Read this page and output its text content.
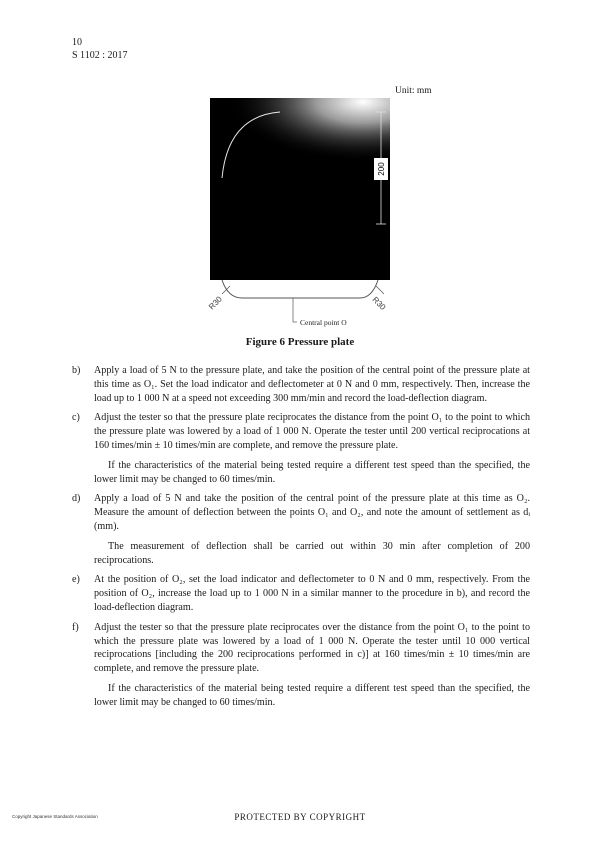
10
S 1102 : 2017
Unit: mm
200
R30	R30
Central point O
Figure 6 Pressure plate
b)	Apply a load of 5 N to the pressure plate, and take the position of the central point of the pressure plate at this time as O₁. Set the load indicator and deflectometer at 0 N and 0 mm, respectively. Then, increase the load up to 1 000 N at a speed not exceeding 300 mm/min and record the load-deflection diagram.
c)	Adjust the tester so that the pressure plate reciprocates the distance from the point O₁ to the point to which the pressure plate was lowered by a load of 1 000 N. Operate the tester until 200 vertical reciprocations at 160 times/min ± 10 times/min are complete, and remove the pressure plate.
If the characteristics of the material being tested require a different test speed than the specified, the lower limit may be changed to 60 times/min.
d)	Apply a load of 5 N and take the position of the central point of the pressure plate at this time as O₂. Measure the amount of deflection between the points O₁ and O₂, and note the amount of settlement as dᵢ (mm).
The measurement of deflection shall be carried out within 30 min after completion of 200 reciprocations.
e)	At the position of O₂, set the load indicator and deflectometer to 0 N and 0 mm, respectively. From the position of O₂, increase the load up to 1 000 N in a similar manner to the procedure in b), and record the load-deflection diagram.
f)	Adjust the tester so that the pressure plate reciprocates over the distance from the point O₁ to the point to which the pressure plate was lowered by a load of 1 000 N. Operate the tester until 10 000 vertical reciprocations [including the 200 reciprocations performed in c)] at 160 times/min ± 10 times/min are complete, and remove the pressure plate.
If the characteristics of the material being tested require a different test speed than the specified, the lower limit may be changed to 60 times/min.
Copyright Japanese Standards Association	PROTECTED BY COPYRIGHT
